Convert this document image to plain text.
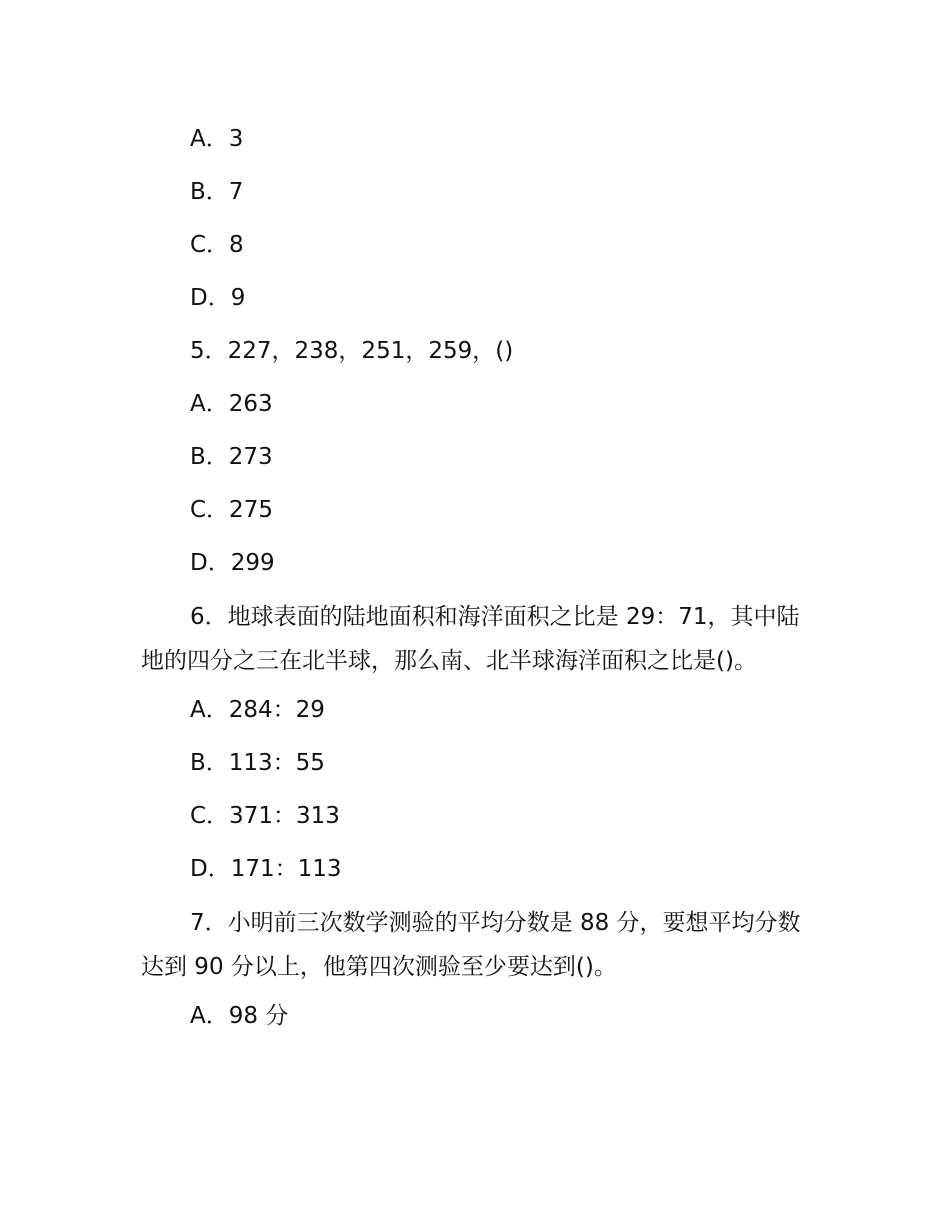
A．3
B．7
C．8
D．9
5．227，238，251，259，()
A．263
B．273
C．275
D．299
6．地球表面的陆地面积和海洋面积之比是 29：71，其中陆地的四分之三在北半球，那么南、北半球海洋面积之比是()。
A．284：29
B．113：55
C．371：313
D．171：113
7．小明前三次数学测验的平均分数是 88 分，要想平均分数达到 90 分以上，他第四次测验至少要达到()。
A．98 分
